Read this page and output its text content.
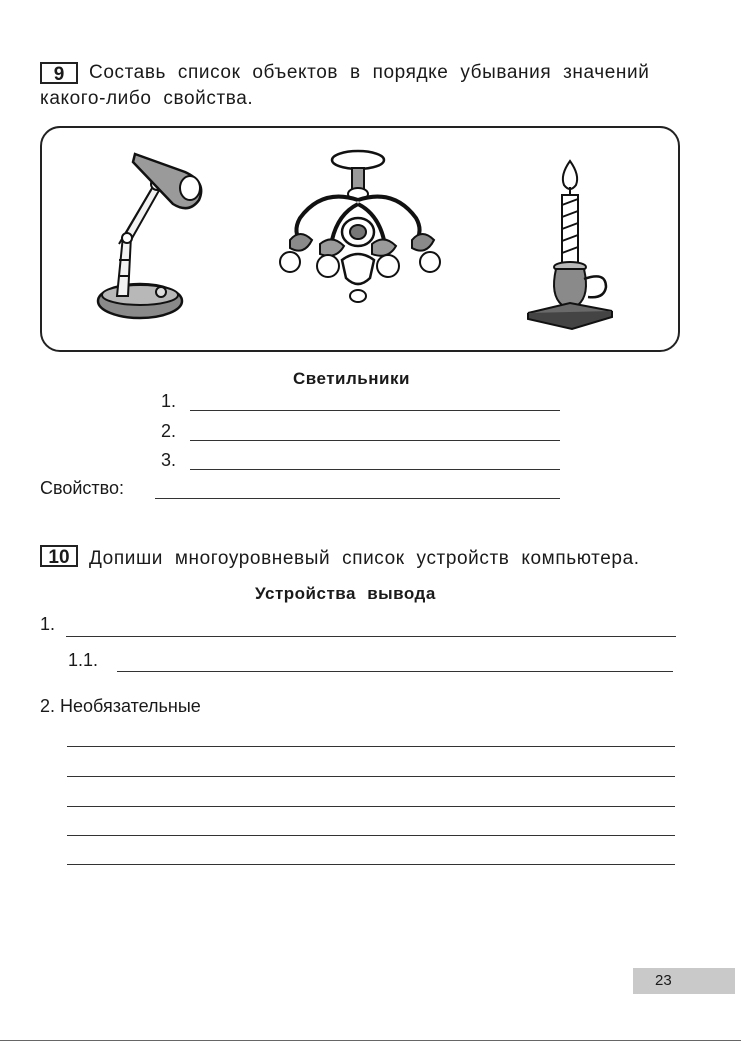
9	Составь список объектов в порядке убывания значений
какого-либо свойства.
Светильники
1.
2.
3.
Свойство:
10	Допиши многоуровневый список устройств компьютера.
Устройства вывода
1.
1.1.
2. Необязательные
23
